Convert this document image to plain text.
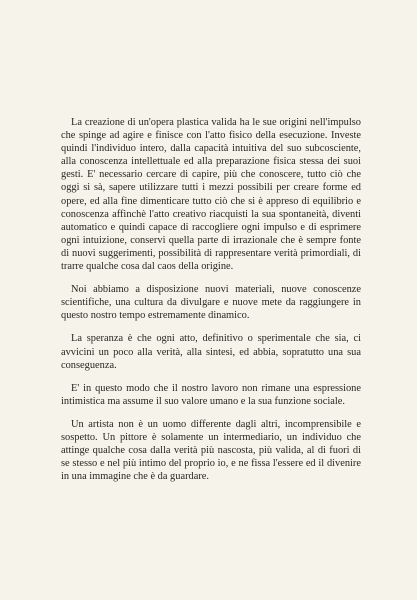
La creazione di un'opera plastica valida ha le sue origini nell'impulso che spinge ad agire e finisce con l'atto fisico della esecuzione. Investe quindi l'individuo intero, dalla capacità intuitiva del suo subcosciente, alla conoscenza intellettuale ed alla preparazione fisica stessa dei suoi gesti. E' necessario cercare di capire, più che conoscere, tutto ciò che oggi si sà, sapere utilizzare tutti i mezzi possibili per creare forme ed opere, ed alla fine dimenticare tutto ciò che si è appreso di equilibrio e conoscenza affinchè l'atto creativo riacquisti la sua spontaneità, diventi automatico e quindi capace di raccogliere ogni impulso e di esprimere ogni intuizione, conservi quella parte di irrazionale che è sempre fonte di nuovi suggerimenti, possibilità di rappresentare verità primordiali, di trarre qualche cosa dal caos della origine.

Noi abbiamo a disposizione nuovi materiali, nuove conoscenze scientifiche, una cultura da divulgare e nuove mete da raggiungere in questo nostro tempo estremamente dinamico.

La speranza è che ogni atto, definitivo o sperimentale che sia, ci avvicini un poco alla verità, alla sintesi, ed abbia, sopratutto una sua conseguenza.

E' in questo modo che il nostro lavoro non rimane una espressione intimistica ma assume il suo valore umano e la sua funzione sociale.

Un artista non è un uomo differente dagli altri, incomprensibile e sospetto. Un pittore è solamente un intermediario, un individuo che attinge qualche cosa dalla verità più nascosta, più valida, al di fuori di se stesso e nel più intimo del proprio io, e ne fissa l'essere ed il divenire in una immagine che è da guardare.
